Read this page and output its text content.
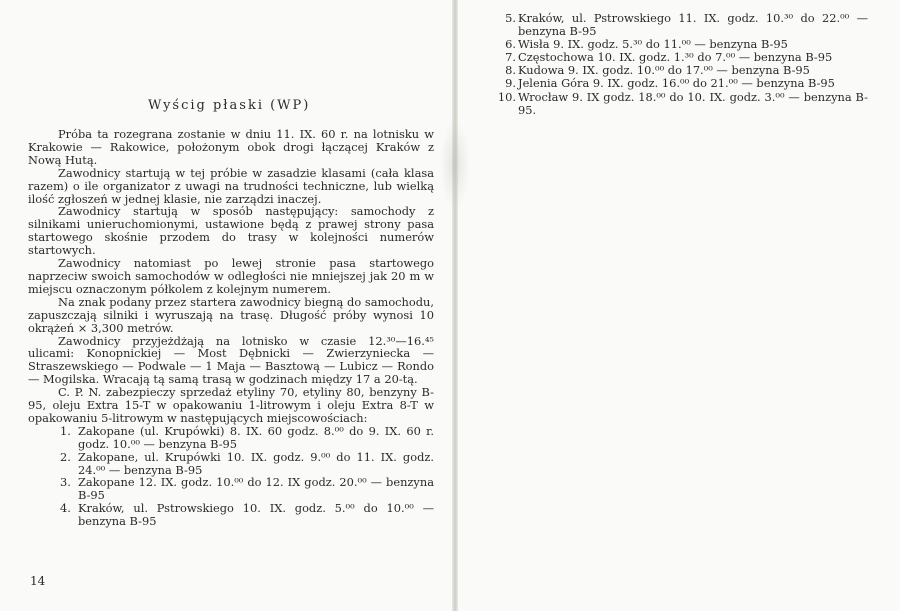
Wyścig płaski (WP)

Próba ta rozegrana zostanie w dniu 11. IX. 60 r. na lotnisku w Krakowie — Rakowice, położonym obok drogi łączącej Kraków z Nową Hutą.

Zawodnicy startują w tej próbie w zasadzie klasami (cała klasa razem) o ile organizator z uwagi na trudności techniczne, lub wielką ilość zgłoszeń w jednej klasie, nie zarządzi inaczej.

Zawodnicy startują w sposób następujący: samochody z silnikami unieruchomionymi, ustawione będą z prawej strony pasa startowego skośnie przodem do trasy w kolejności numerów startowych.

Zawodnicy natomiast po lewej stronie pasa startowego naprzeciw swoich samochodów w odległości nie mniejszej jak 20 m w miejscu oznaczonym półkolem z kolejnym numerem.

Na znak podany przez startera zawodnicy biegną do samochodu, zapuszczają silniki i wyruszają na trasę. Długość próby wynosi 10 okrążeń × 3,300 metrów.

Zawodnicy przyjeżdżają na lotnisko w czasie 12.³⁰—16.⁴⁵ ulicami: Konopnickiej — Most Dębnicki — Zwierzyniecka — Straszewskiego — Podwale — 1 Maja — Basztową — Lubicz — Rondo — Mogilska. Wracają tą samą trasą w godzinach między 17 a 20-tą.

C. P. N. zabezpieczy sprzedaż etyliny 70, etyliny 80, benzyny B-95, oleju Extra 15-T w opakowaniu 1-litrowym i oleju Extra 8-T w opakowaniu 5-litrowym w następujących miejscowościach:

1. Zakopane (ul. Krupówki) 8. IX. 60 godz. 8.⁰⁰ do 9. IX. 60 r. godz. 10.⁰⁰ — benzyna B-95
2. Zakopane, ul. Krupówki 10. IX. godz. 9.⁰⁰ do 11. IX. godz. 24.⁰⁰ — benzyna B-95
3. Zakopane 12. IX. godz. 10.⁰⁰ do 12. IX godz. 20.⁰⁰ — benzyna B-95
4. Kraków, ul. Pstrowskiego 10. IX. godz. 5.⁰⁰ do 10.⁰⁰ — benzyna B-95
14
5. Kraków, ul. Pstrowskiego 11. IX. godz. 10.³⁰ do 22.⁰⁰ — benzyna B-95
6. Wisła 9. IX. godz. 5.³⁰ do 11.⁰⁰ — benzyna B-95
7. Częstochowa 10. IX. godz. 1.³⁰ do 7.⁰⁰ — benzyna B-95
8. Kudowa 9. IX. godz. 10.⁰⁰ do 17.⁰⁰ — benzyna B-95
9. Jelenia Góra 9. IX. godz. 16.⁰⁰ do 21.⁰⁰ — benzyna B-95
10. Wrocław 9. IX godz. 18.⁰⁰ do 10. IX. godz. 3.⁰⁰ — benzyna B-95.
